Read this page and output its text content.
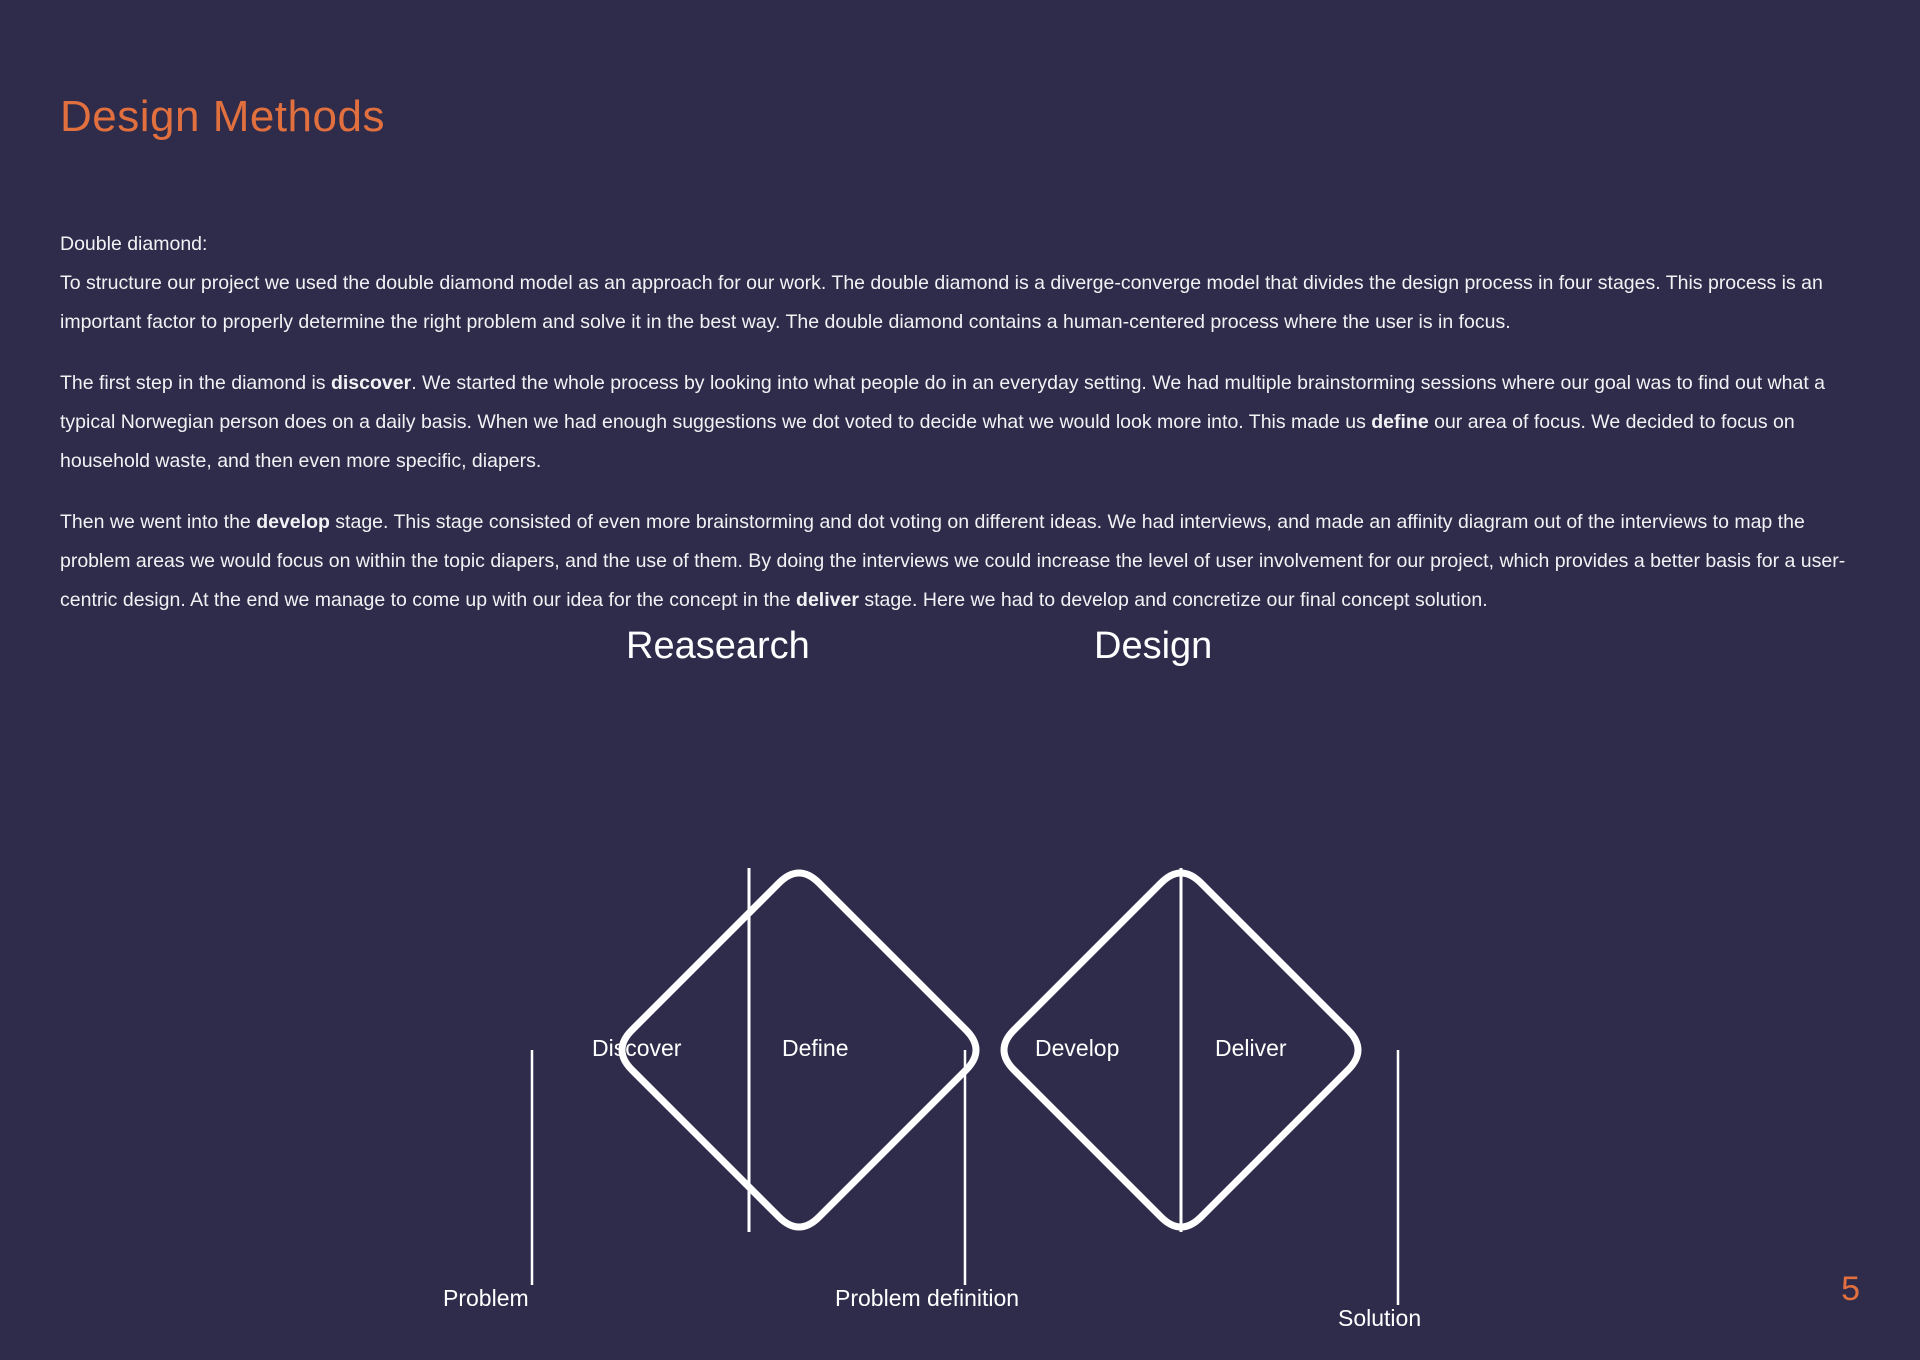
Design Methods

Double diamond:
To structure our project we used the double diamond model as an approach for our work. The double diamond is a diverge-converge model that divides the design process in four stages. This process is an important factor to properly determine the right problem and solve it in the best way. The double diamond contains a human-centered process where the user is in focus.

The first step in the diamond is discover. We started the whole process by looking into what people do in an everyday setting. We had multiple brainstorming sessions where our goal was to find out what a typical Norwegian person does on a daily basis. When we had enough suggestions we dot voted to decide what we would look more into. This made us define our area of focus. We decided to focus on household waste, and then even more specific, diapers.

Then we went into the develop stage. This stage consisted of even more brainstorming and dot voting on different ideas. We had interviews, and made an affinity diagram out of the interviews to map the problem areas we would focus on within the topic diapers, and the use of them. By doing the interviews we could increase the level of user involvement for our project, which provides a better basis for a user-centric design. At the end we manage to come up with our idea for the concept in the deliver stage. Here we had to develop and concretize our final concept solution.

Reasearch	Design
Discover	Define	Develop	Deliver
Problem	Problem definition
Solution
5
